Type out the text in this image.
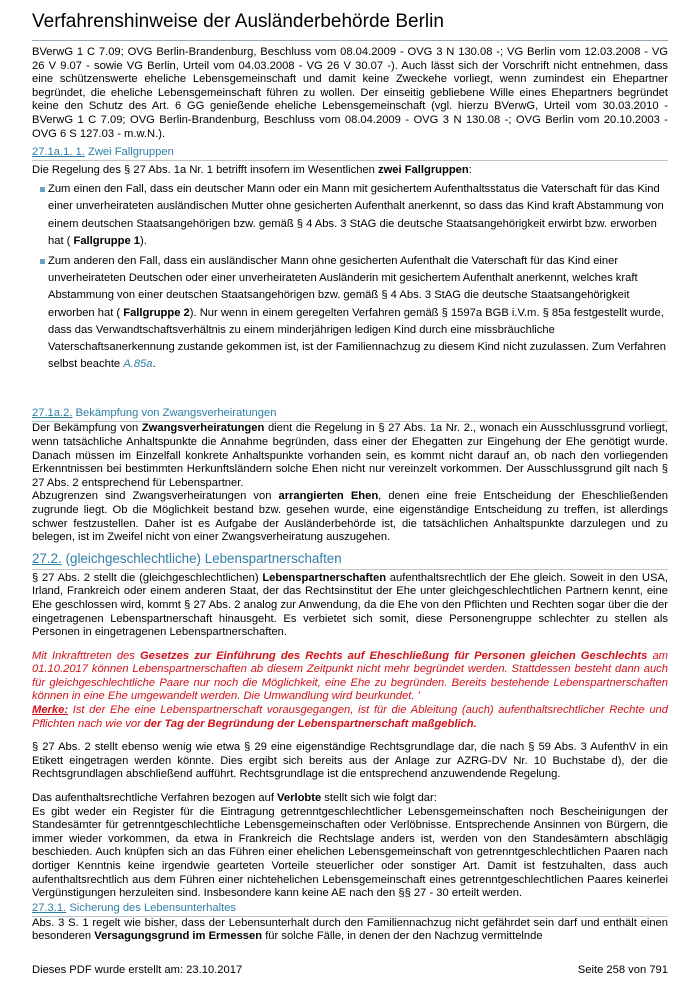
Verfahrenshinweise der Ausländerbehörde Berlin

BVerwG 1 C 7.09; OVG Berlin-Brandenburg, Beschluss vom 08.04.2009 - OVG 3 N 130.08 -; VG Berlin vom 12.03.2008 - VG 26 V 9.07 - sowie VG Berlin, Urteil vom 04.03.2008 - VG 26 V 30.07 -). Auch lässt sich der Vorschrift nicht entnehmen, dass eine schützenswerte eheliche Lebensgemeinschaft und damit keine Zweckehe vorliegt, wenn zumindest ein Ehepartner begründet, die eheliche Lebensgemeinschaft führen zu wollen. Der einseitig gebliebene Wille eines Ehepartners begründet keine den Schutz des Art. 6 GG genießende eheliche Lebensgemeinschaft (vgl. hierzu BVerwG, Urteil vom 30.03.2010 - BVerwG 1 C 7.09; OVG Berlin-Brandenburg, Beschluss vom 08.04.2009 - OVG 3 N 130.08 -; OVG Berlin vom 20.10.2003 - OVG 6 S 127.03 - m.w.N.).

27.1a.1. 1. Zwei Fallgruppen
Die Regelung des § 27 Abs. 1a Nr. 1 betrifft insofern im Wesentlichen zwei Fallgruppen:
Zum einen den Fall, dass ein deutscher Mann oder ein Mann mit gesichertem Aufenthaltsstatus die Vaterschaft für das Kind einer unverheirateten ausländischen Mutter ohne gesicherten Aufenthalt anerkennt, so dass das Kind kraft Abstammung von einem deutschen Staatsangehörigen bzw. gemäß § 4 Abs. 3 StAG die deutsche Staatsangehörigkeit erwirbt bzw. erworben hat ( Fallgruppe 1).
Zum anderen den Fall, dass ein ausländischer Mann ohne gesicherten Aufenthalt die Vaterschaft für das Kind einer unverheirateten Deutschen oder einer unverheirateten Ausländerin mit gesichertem Aufenthalt anerkennt, welches kraft Abstammung von einer deutschen Staatsangehörigen bzw. gemäß § 4 Abs. 3 StAG die deutsche Staatsangehörigkeit erworben hat ( Fallgruppe 2). Nur wenn in einem geregelten Verfahren gemäß § 1597a BGB i.V.m. § 85a festgestellt wurde, dass das Verwandtschaftsverhältnis zu einem minderjährigen ledigen Kind durch eine missbräuchliche Vaterschaftsanerkennung zustande gekommen ist, ist der Familiennachzug zu diesem Kind nicht zuzulassen. Zum Verfahren selbst beachte A.85a.
27.1a.2. Bekämpfung von Zwangsverheiratungen

Der Bekämpfung von Zwangsverheiratungen dient die Regelung in § 27 Abs. 1a Nr. 2., wonach ein Ausschlussgrund vorliegt, wenn tatsächliche Anhaltspunkte die Annahme begründen, dass einer der Ehegatten zur Eingehung der Ehe genötigt wurde. Danach müssen im Einzelfall konkrete Anhaltspunkte vorhanden sein, es kommt nicht darauf an, ob nach den vorliegenden Erkenntnissen bei bestimmten Herkunftsländern solche Ehen nicht nur vereinzelt vorkommen. Der Ausschlussgrund gilt nach § 27 Abs. 2 entsprechend für Lebenspartner.

Abzugrenzen sind Zwangsverheiratungen von arrangierten Ehen, denen eine freie Entscheidung der Eheschließenden zugrunde liegt. Ob die Möglichkeit bestand bzw. gesehen wurde, eine eigenständige Entscheidung zu treffen, ist allerdings schwer festzustellen. Daher ist es Aufgabe der Ausländerbehörde ist, die tatsächlichen Anhaltspunkte darzulegen und zu belegen, ist im Zweifel nicht von einer Zwangsverheiratung auszugehen.

27.2. (gleichgeschlechtliche) Lebenspartnerschaften

§ 27 Abs. 2 stellt die (gleichgeschlechtlichen) Lebenspartnerschaften aufenthaltsrechtlich der Ehe gleich. Soweit in den USA, Irland, Frankreich oder einem anderen Staat, der das Rechtsinstitut der Ehe unter gleichgeschlechtlichen Partnern kennt, eine Ehe geschlossen wird, kommt § 27 Abs. 2 analog zur Anwendung, da die Ehe von den Pflichten und Rechten sogar über die der eingetragenen Lebenspartnerschaft hinausgeht. Es verbietet sich somit, diese Personengruppe schlechter zu stellen als Personen in eingetragenen Lebenspartnerschaften.

Mit Inkrafttreten des Gesetzes zur Einführung des Rechts auf Eheschließung für Personen gleichen Geschlechts am 01.10.2017 können Lebenspartnerschaften ab diesem Zeitpunkt nicht mehr begründet werden. Stattdessen besteht dann auch für gleichgeschlechtliche Paare nur noch die Möglichkeit, eine Ehe zu begründen. Bereits bestehende Lebenspartnerschaften können in eine Ehe umgewandelt werden. Die Umwandlung wird beurkundet. '

Merke: Ist der Ehe eine Lebenspartnerschaft vorausgegangen, ist für die Ableitung (auch) aufenthaltsrechtlicher Rechte und Pflichten nach wie vor der Tag der Begründung der Lebenspartnerschaft maßgeblich.

§ 27 Abs. 2 stellt ebenso wenig wie etwa § 29 eine eigenständige Rechtsgrundlage dar, die nach § 59 Abs. 3 AufenthV in ein Etikett eingetragen werden könnte. Dies ergibt sich bereits aus der Anlage zur AZRG-DV Nr. 10 Buchstabe d), der die Rechtsgrundlagen abschließend aufführt. Rechtsgrundlage ist die entsprechend anzuwendende Regelung.

Das aufenthaltsrechtliche Verfahren bezogen auf Verlobte stellt sich wie folgt dar:

Es gibt weder ein Register für die Eintragung getrenntgeschlechtlicher Lebensgemeinschaften noch Bescheinigungen der Standesämter für getrenntgeschlechtliche Lebensgemeinschaften oder Verlöbnisse. Entsprechende Ansinnen von Bürgern, die immer wieder vorkommen, da etwa in Frankreich die Rechtslage anders ist, werden von den Standesämtern abschlägig beschieden. Auch knüpfen sich an das Führen einer ehelichen Lebensgemeinschaft von getrenntgeschlechtlichen Paaren nach dortiger Kenntnis keine irgendwie gearteten Vorteile steuerlicher oder sonstiger Art. Damit ist festzuhalten, dass auch aufenthaltsrechtlich aus dem Führen einer nichtehelichen Lebensgemeinschaft eines getrenntgeschlechtlichen Paares keinerlei Vergünstigungen herzuleiten sind. Insbesondere kann keine AE nach den §§ 27 - 30 erteilt werden.

27.3.1. Sicherung des Lebensunterhaltes

Abs. 3 S. 1 regelt wie bisher, dass der Lebensunterhalt durch den Familiennachzug nicht gefährdet sein darf und enthält einen besonderen Versagungsgrund im Ermessen für solche Fälle, in denen der den Nachzug vermittelnde

Dieses PDF wurde erstellt am: 23.10.2017	Seite 258 von 791
